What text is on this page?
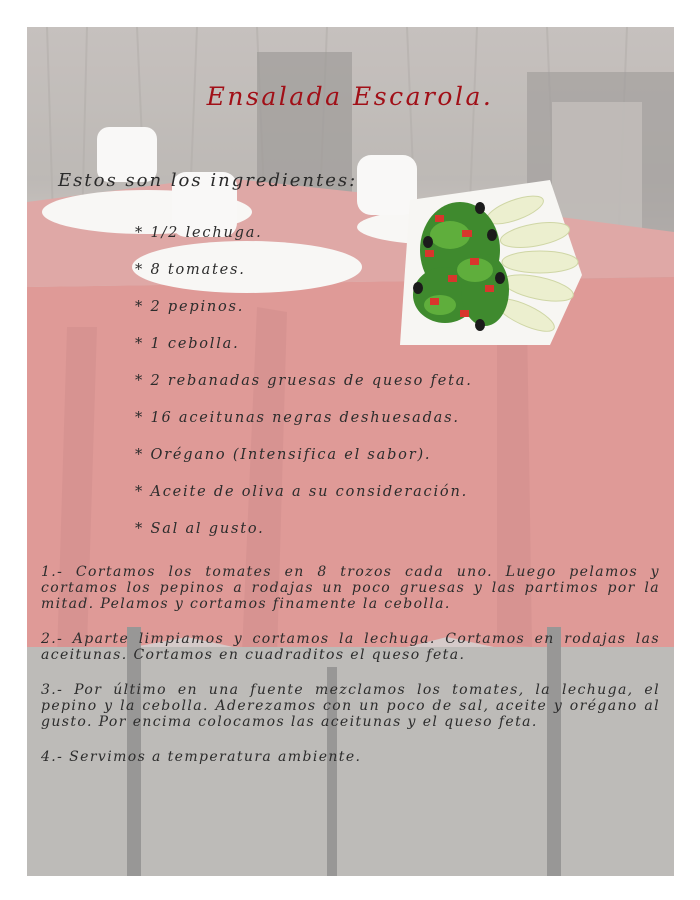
Ensalada Escarola.
Estos son los ingredientes:
* 1/2 lechuga.
* 8 tomates.
* 2 pepinos.
* 1 cebolla.
* 2 rebanadas gruesas de queso feta.
* 16 aceitunas negras deshuesadas.
* Orégano (Intensifica el sabor).
* Aceite de oliva a su consideración.
* Sal al gusto.

1.- Cortamos los tomates en 8 trozos cada uno. Luego pelamos y cortamos los pepinos a rodajas un poco gruesas y las partimos por la mitad. Pelamos y cortamos finamente la cebolla.

2.- Aparte limpiamos y cortamos la lechuga. Cortamos en rodajas las aceitunas. Cortamos en cuadraditos el queso feta.

3.- Por último en una fuente mezclamos los tomates, la lechuga, el pepino y la cebolla. Aderezamos con un poco de sal, aceite y orégano al gusto. Por encima colocamos las aceitunas y el queso feta.

4.- Servimos a temperatura ambiente.
